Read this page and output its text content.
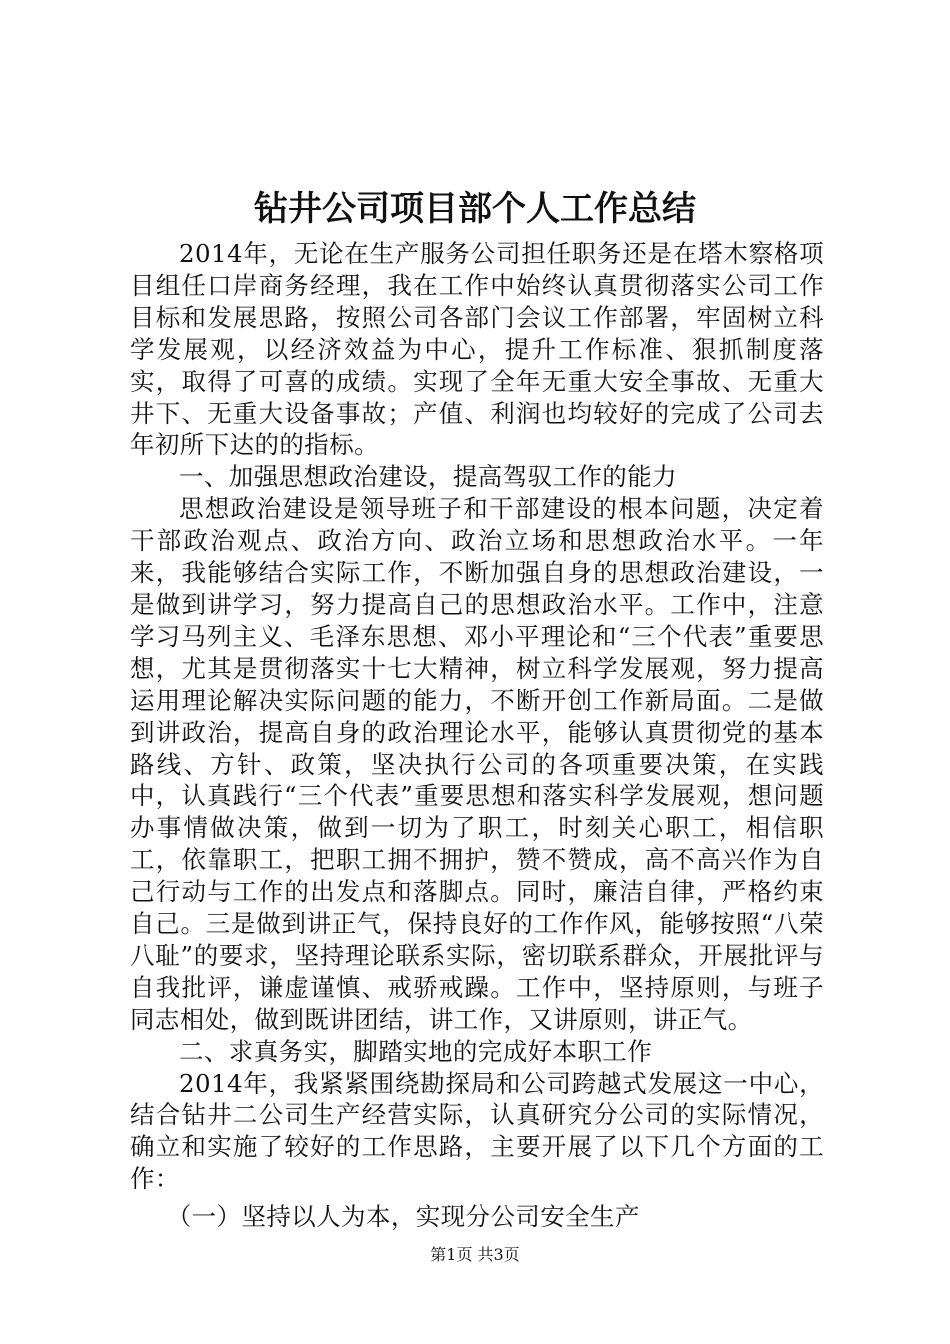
钻井公司项目部个人工作总结

2014年，无论在生产服务公司担任职务还是在塔木察格项目组任口岸商务经理，我在工作中始终认真贯彻落实公司工作目标和发展思路，按照公司各部门会议工作部署，牢固树立科学发展观，以经济效益为中心，提升工作标准、狠抓制度落实，取得了可喜的成绩。实现了全年无重大安全事故、无重大井下、无重大设备事故；产值、利润也均较好的完成了公司去年初所下达的的指标。

一、加强思想政治建设，提高驾驭工作的能力

思想政治建设是领导班子和干部建设的根本问题，决定着干部政治观点、政治方向、政治立场和思想政治水平。一年来，我能够结合实际工作，不断加强自身的思想政治建设，一是做到讲学习，努力提高自己的思想政治水平。工作中，注意学习马列主义、毛泽东思想、邓小平理论和“三个代表”重要思想，尤其是贯彻落实十七大精神，树立科学发展观，努力提高运用理论解决实际问题的能力，不断开创工作新局面。二是做到讲政治，提高自身的政治理论水平，能够认真贯彻党的基本路线、方针、政策，坚决执行公司的各项重要决策，在实践中，认真践行“三个代表”重要思想和落实科学发展观，想问题办事情做决策，做到一切为了职工，时刻关心职工，相信职工，依靠职工，把职工拥不拥护，赞不赞成，高不高兴作为自己行动与工作的出发点和落脚点。同时，廉洁自律，严格约束自己。三是做到讲正气，保持良好的工作作风，能够按照“八荣八耻”的要求，坚持理论联系实际，密切联系群众，开展批评与自我批评，谦虚谨慎、戒骄戒躁。工作中，坚持原则，与班子同志相处，做到既讲团结，讲工作，又讲原则，讲正气。

二、求真务实，脚踏实地的完成好本职工作

2014年，我紧紧围绕勘探局和公司跨越式发展这一中心，结合钻井二公司生产经营实际，认真研究分公司的实际情况，确立和实施了较好的工作思路，主要开展了以下几个方面的工作：

（一）坚持以人为本，实现分公司安全生产

第1页 共3页
